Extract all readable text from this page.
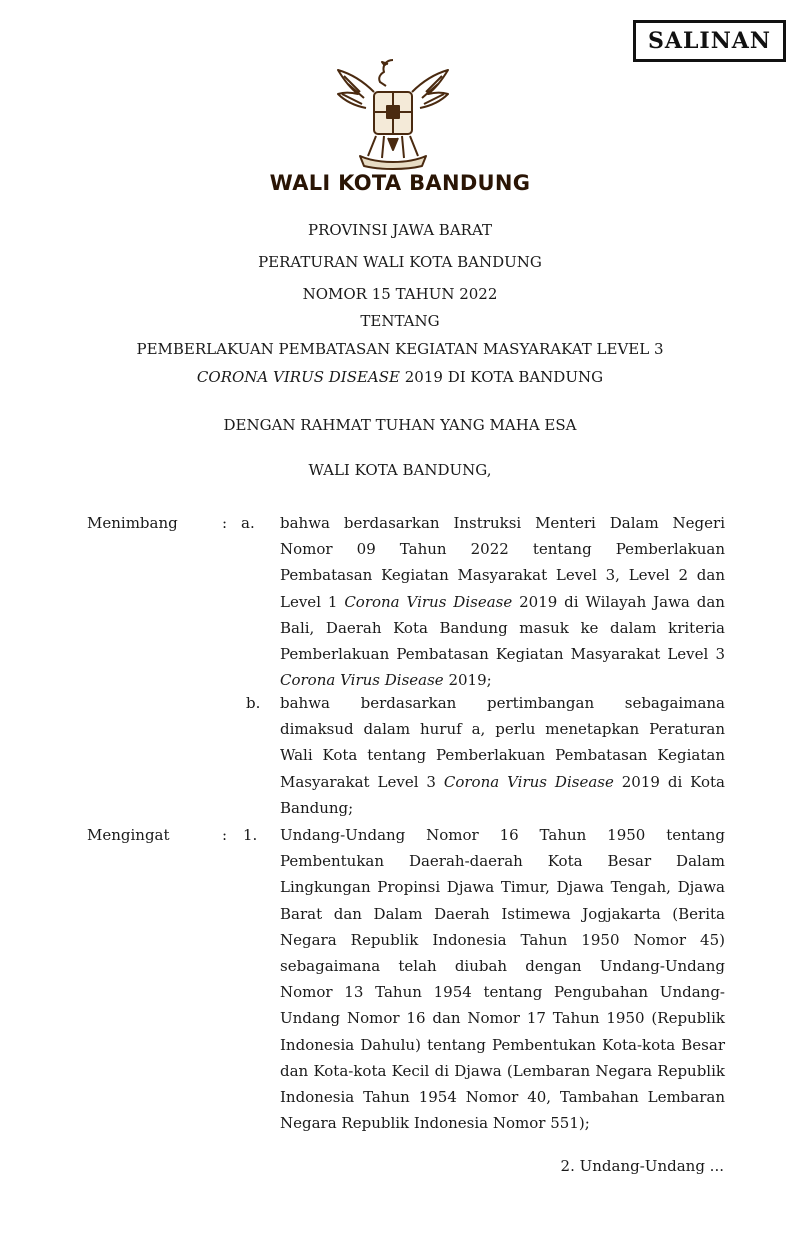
SALINAN
WALI KOTA BANDUNG
PROVINSI JAWA BARAT
PERATURAN WALI KOTA BANDUNG
NOMOR 15 TAHUN 2022
TENTANG
PEMBERLAKUAN PEMBATASAN KEGIATAN MASYARAKAT LEVEL 3
CORONA VIRUS DISEASE 2019 DI KOTA BANDUNG
DENGAN RAHMAT TUHAN YANG MAHA ESA
WALI KOTA BANDUNG,
Menimbang	: a. bahwa berdasarkan Instruksi Menteri Dalam Negeri Nomor 09 Tahun 2022 tentang Pemberlakuan Pembatasan Kegiatan Masyarakat Level 3, Level 2 dan Level 1 Corona Virus Disease 2019 di Wilayah Jawa dan Bali, Daerah Kota Bandung masuk ke dalam kriteria Pemberlakuan Pembatasan Kegiatan Masyarakat Level 3 Corona Virus Disease 2019;
b. bahwa berdasarkan pertimbangan sebagaimana dimaksud dalam huruf a, perlu menetapkan Peraturan Wali Kota tentang Pemberlakuan Pembatasan Kegiatan Masyarakat Level 3 Corona Virus Disease 2019 di Kota Bandung;
Mengingat	: 1. Undang-Undang Nomor 16 Tahun 1950 tentang Pembentukan Daerah-daerah Kota Besar Dalam Lingkungan Propinsi Djawa Timur, Djawa Tengah, Djawa Barat dan Dalam Daerah Istimewa Jogjakarta (Berita Negara Republik Indonesia Tahun 1950 Nomor 45) sebagaimana telah diubah dengan Undang-Undang Nomor 13 Tahun 1954 tentang Pengubahan Undang-Undang Nomor 16 dan Nomor 17 Tahun 1950 (Republik Indonesia Dahulu) tentang Pembentukan Kota-kota Besar dan Kota-kota Kecil di Djawa (Lembaran Negara Republik Indonesia Tahun 1954 Nomor 40, Tambahan Lembaran Negara Republik Indonesia Nomor 551);
2. Undang-Undang ...
